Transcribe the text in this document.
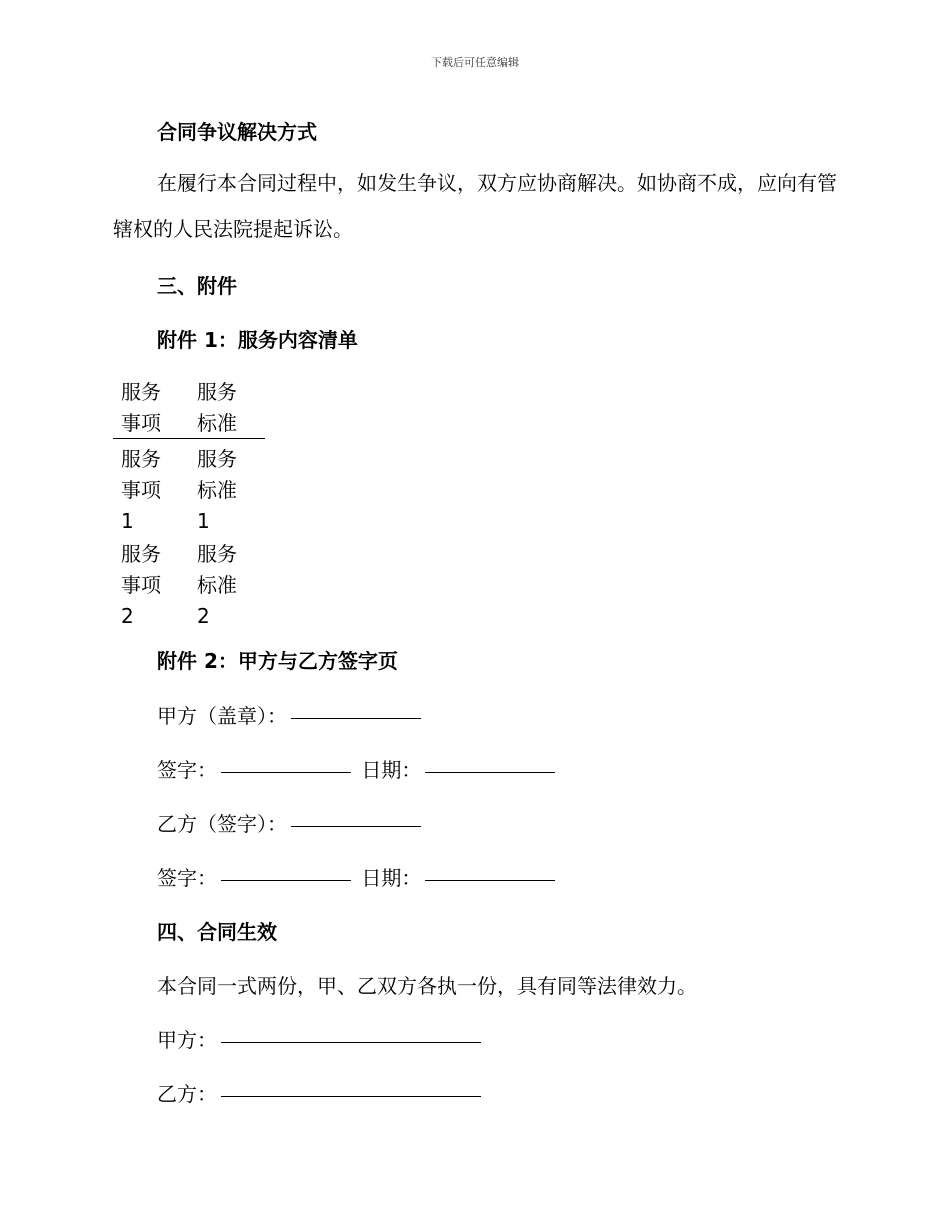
下载后可任意编辑
合同争议解决方式
在履行本合同过程中，如发生争议，双方应协商解决。如协商不成，应向有管辖权的人民法院提起诉讼。
三、附件
附件 1：服务内容清单
服务
事项
服务
标准
服务
事项
1
服务
标准
1
服务
事项
2
服务
标准
2
附件 2：甲方与乙方签字页
甲方（盖章）：
签字：	日期：
乙方（签字）：
签字：	日期：
四、合同生效
本合同一式两份，甲、乙双方各执一份，具有同等法律效力。
甲方：
乙方：
